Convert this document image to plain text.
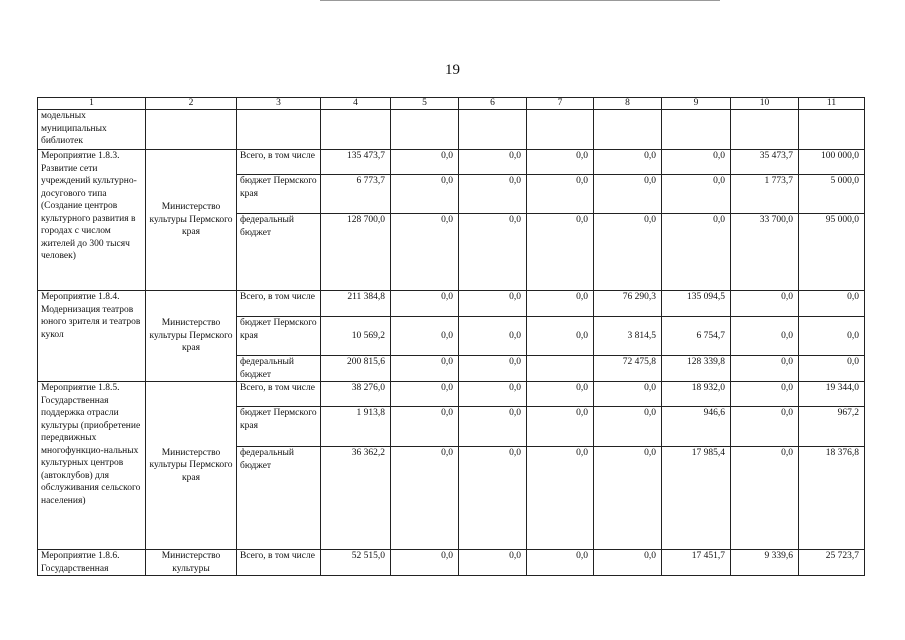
19
1	2	3	4	5	6	7	8	9	10	11
модельных муниципальных библиотек										
Мероприятие 1.8.3. Развитие сети учреждений культурно-досугового типа (Создание центров культурного развития в городах с числом жителей до 300 тысяч человек)	Министерство культуры Пермского края	Всего, в том числе	135 473,7	0,0	0,0	0,0	0,0	0,0	35 473,7	100 000,0
		бюджет Пермского края	6 773,7	0,0	0,0	0,0	0,0	0,0	1 773,7	5 000,0
		федеральный бюджет	128 700,0	0,0	0,0	0,0	0,0	0,0	33 700,0	95 000,0
Мероприятие 1.8.4. Модернизация театров юного зрителя и театров кукол	Министерство культуры Пермского края	Всего, в том числе	211 384,8	0,0	0,0	0,0	76 290,3	135 094,5	0,0	0,0
		бюджет Пермского края	10 569,2	0,0	0,0	0,0	3 814,5	6 754,7	0,0	0,0
		федеральный бюджет	200 815,6	0,0	0,0		72 475,8	128 339,8	0,0	0,0
Мероприятие 1.8.5. Государственная поддержка отрасли культуры (приобретение передвижных многофункцио-нальных культурных центров (автоклубов) для обслуживания сельского населения)	Министерство культуры Пермского края	Всего, в том числе	38 276,0	0,0	0,0	0,0	0,0	18 932,0	0,0	19 344,0
		бюджет Пермского края	1 913,8	0,0	0,0	0,0	0,0	946,6	0,0	967,2
		федеральный бюджет	36 362,2	0,0	0,0	0,0	0,0	17 985,4	0,0	18 376,8
Мероприятие 1.8.6. Государственная	Министерство культуры	Всего, в том числе	52 515,0	0,0	0,0	0,0	0,0	17 451,7	9 339,6	25 723,7
